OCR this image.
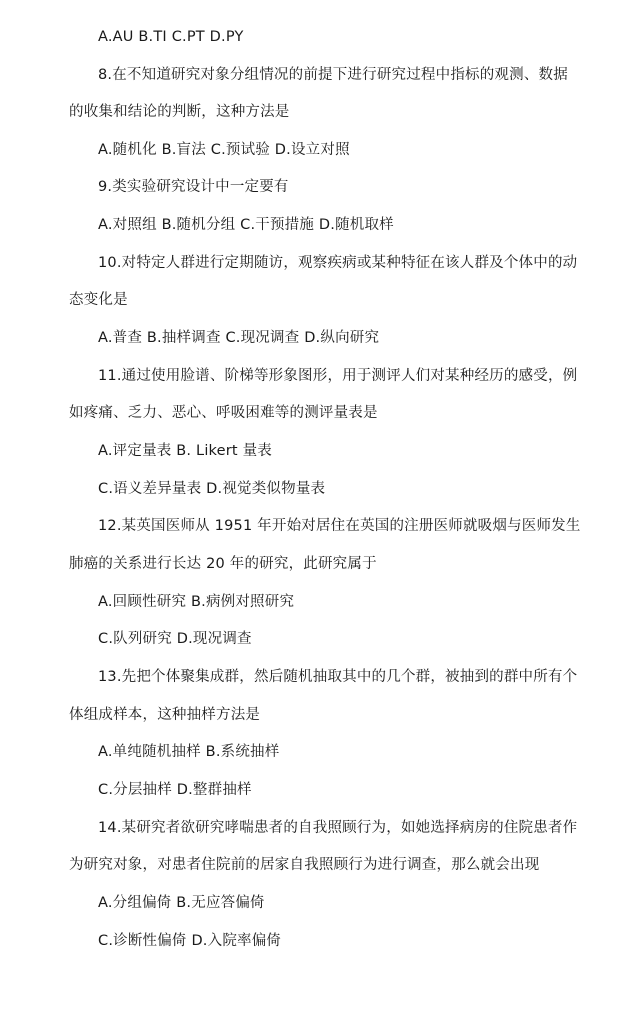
A.AU B.TI C.PT D.PY
8.在不知道研究对象分组情况的前提下进行研究过程中指标的观测、数据
的收集和结论的判断，这种方法是
A.随机化 B.盲法 C.预试验 D.设立对照
9.类实验研究设计中一定要有
A.对照组 B.随机分组 C.干预措施 D.随机取样
10.对特定人群进行定期随访，观察疾病或某种特征在该人群及个体中的动
态变化是
A.普查 B.抽样调查 C.现况调查 D.纵向研究
11.通过使用脸谱、阶梯等形象图形，用于测评人们对某种经历的感受，例
如疼痛、乏力、恶心、呼吸困难等的测评量表是
A.评定量表 B. Likert 量表
C.语义差异量表 D.视觉类似物量表
12.某英国医师从 1951 年开始对居住在英国的注册医师就吸烟与医师发生
肺癌的关系进行长达 20 年的研究，此研究属于
A.回顾性研究 B.病例对照研究
C.队列研究 D.现况调查
13.先把个体聚集成群，然后随机抽取其中的几个群，被抽到的群中所有个
体组成样本，这种抽样方法是
A.单纯随机抽样 B.系统抽样
C.分层抽样 D.整群抽样
14.某研究者欲研究哮喘患者的自我照顾行为，如她选择病房的住院患者作
为研究对象，对患者住院前的居家自我照顾行为进行调查，那么就会出现
A.分组偏倚 B.无应答偏倚
C.诊断性偏倚 D.入院率偏倚
